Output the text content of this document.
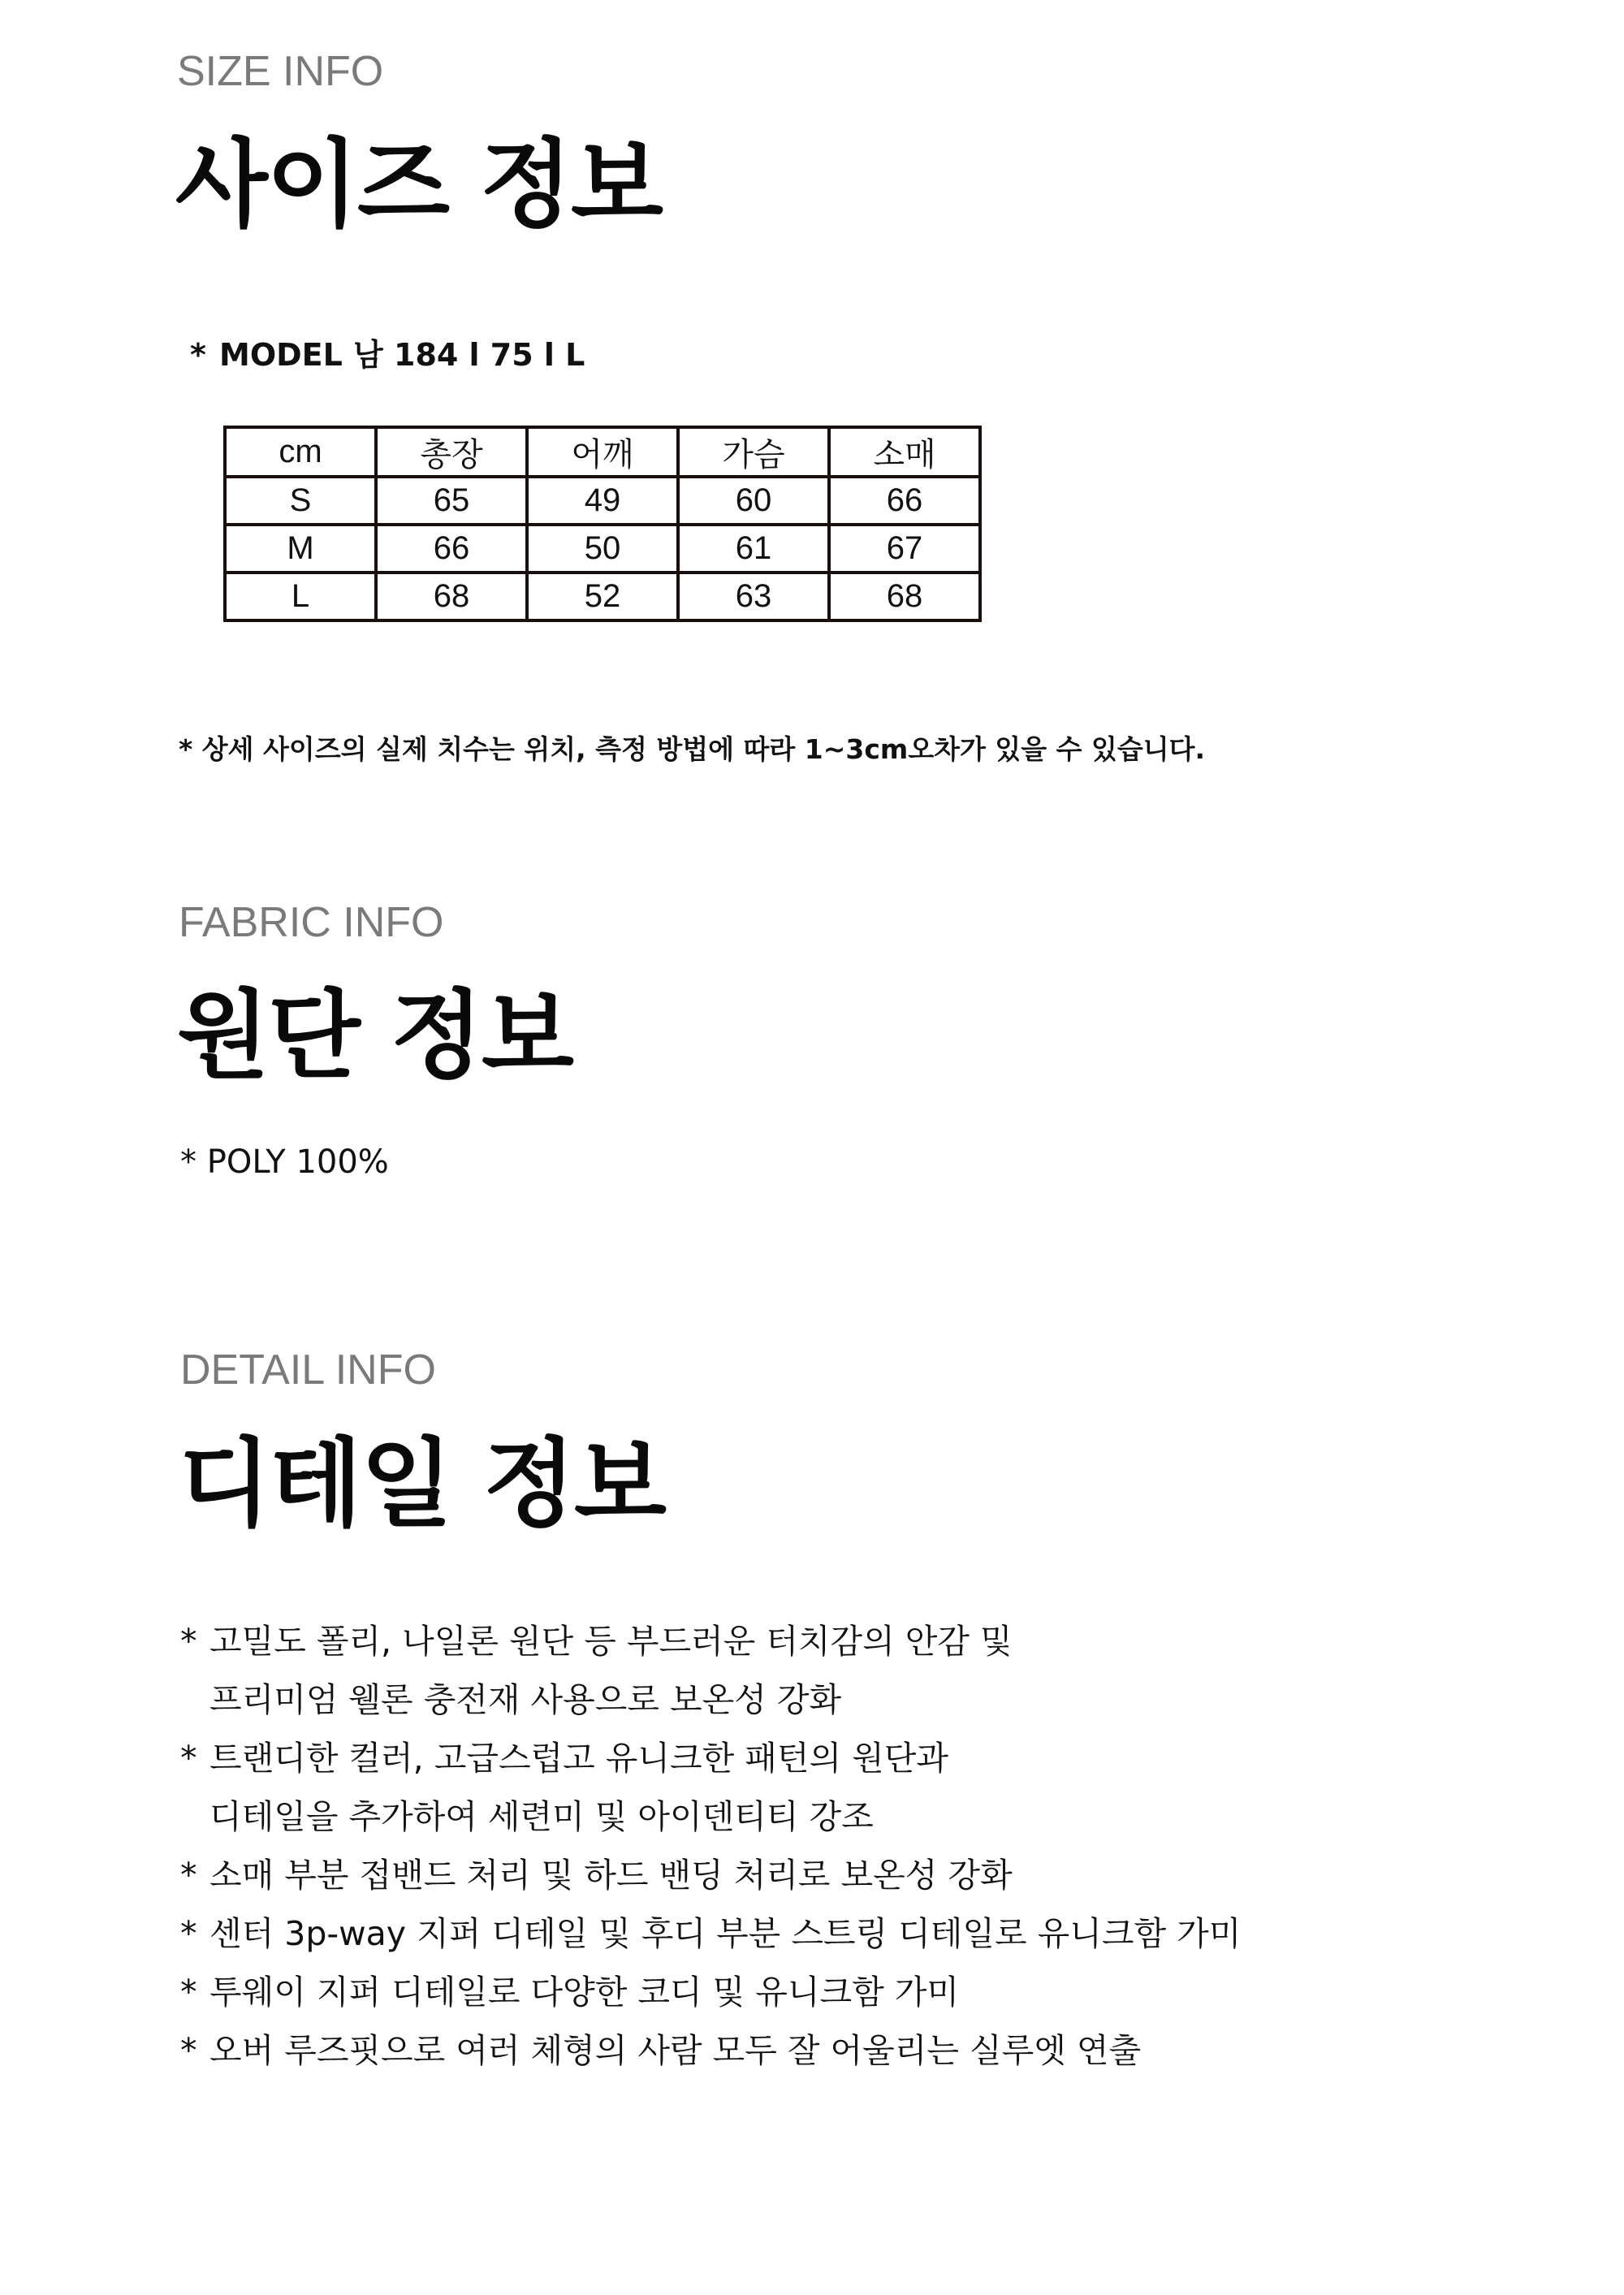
SIZE INFO
사이즈 정보
* MODEL 남 184 l 75 l L
cm	총장	어깨	가슴	소매
S	65	49	60	66
M	66	50	61	67
L	68	52	63	68
* 상세 사이즈의 실제 치수는 위치, 측정 방법에 따라 1~3cm오차가 있을 수 있습니다.
FABRIC INFO
원단 정보
* POLY 100%
DETAIL INFO
디테일 정보
* 고밀도 폴리, 나일론 원단 등 부드러운 터치감의 안감 및
프리미엄 웰론 충전재 사용으로 보온성 강화
* 트랜디한 컬러, 고급스럽고 유니크한 패턴의 원단과
디테일을 추가하여 세련미 및 아이덴티티 강조
* 소매 부분 접밴드 처리 및 하드 밴딩 처리로 보온성 강화
* 센터 3p-way 지퍼 디테일 및 후디 부분 스트링 디테일로 유니크함 가미
* 투웨이 지퍼 디테일로 다양한 코디 및 유니크함 가미
* 오버 루즈핏으로 여러 체형의 사람 모두 잘 어울리는 실루엣 연출
